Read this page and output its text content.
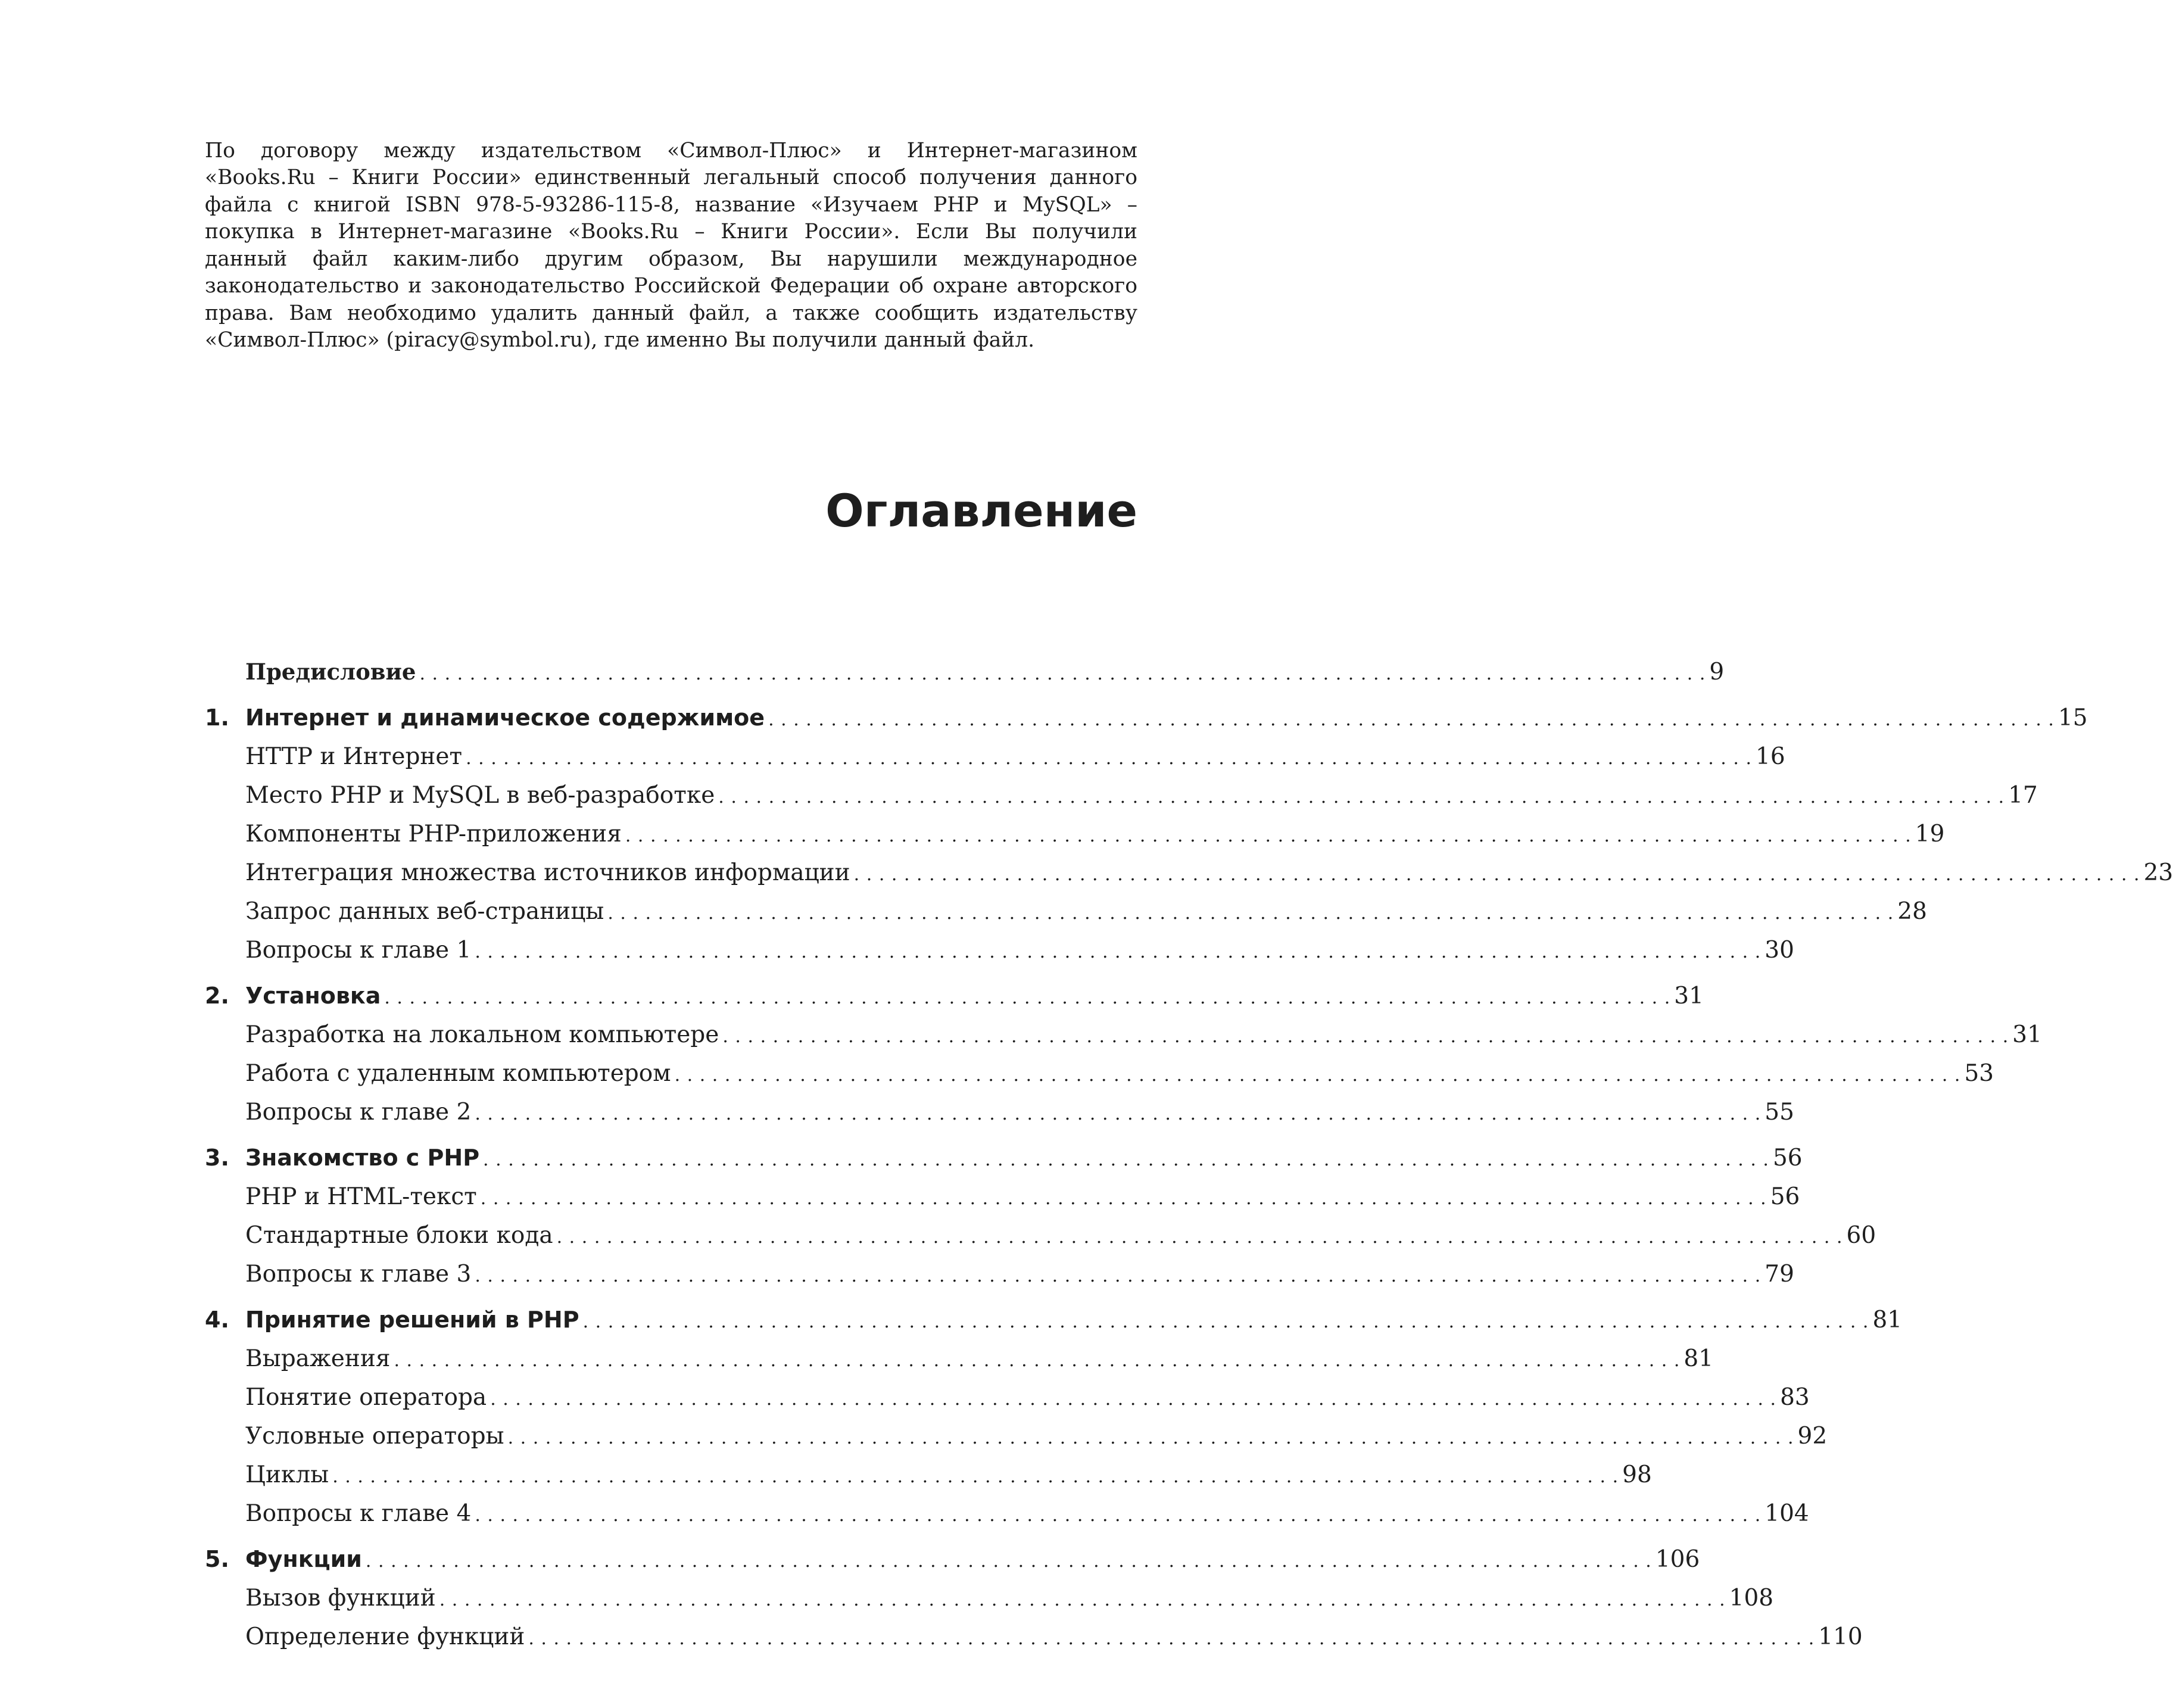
По договору между издательством «Символ-Плюс» и Интернет-магазином «Books.Ru – Книги России» единственный легальный способ получения данного файла с книгой ISBN 978-5-93286-115-8, название «Изучаем PHP и MySQL» – покупка в Интернет-магазине «Books.Ru – Книги России». Если Вы получили данный файл каким-либо другим образом, Вы нарушили международное законодательство и законодательство Российской Федерации об охране авторского права. Вам необходимо удалить данный файл, а также сообщить издательству «Символ-Плюс» (piracy@symbol.ru), где именно Вы получили данный файл.

Оглавление
Предисловие . . . . . . . . . . . . . . . . . . . . . . . . . . . . . . . . . . . . . . . . . . . . . . . . . . . . . . . . . . . . . . . . . . . . . . . . . . . . . . . . . . . . . . . . . . . . . . . . . . . . . . . 9
1. Интернет и динамическое содержимое . . . . . . . . . . . . . . . . . . . . . . . . . . . . . . . . . . . . . . . . . . . . . . . . . . . . . . . . . . . . . . . . . . . . . . . . . . . . . . . . . . . . . . . . . . . . . . . . . . . . . . . 15
HTTP и Интернет . . . . . . . . . . . . . . . . . . . . . . . . . . . . . . . . . . . . . . . . . . . . . . . . . . . . . . . . . . . . . . . . . . . . . . . . . . . . . . . . . . . . . . . . . . . . . . . . . . . . . . . 16
Место PHP и MySQL в веб-разработке . . . . . . . . . . . . . . . . . . . . . . . . . . . . . . . . . . . . . . . . . . . . . . . . . . . . . . . . . . . . . . . . . . . . . . . . . . . . . . . . . . . . . . . . . . . . . . . . . . . . . . . 17
Компоненты PHP-приложения . . . . . . . . . . . . . . . . . . . . . . . . . . . . . . . . . . . . . . . . . . . . . . . . . . . . . . . . . . . . . . . . . . . . . . . . . . . . . . . . . . . . . . . . . . . . . . . . . . . . . . . 19
Интеграция множества источников информации . . . . . . . . . . . . . . . . . . . . . . . . . . . . . . . . . . . . . . . . . . . . . . . . . . . . . . . . . . . . . . . . . . . . . . . . . . . . . . . . . . . . . . . . . . . . . . . . . . . . . . . 23
Запрос данных веб-страницы . . . . . . . . . . . . . . . . . . . . . . . . . . . . . . . . . . . . . . . . . . . . . . . . . . . . . . . . . . . . . . . . . . . . . . . . . . . . . . . . . . . . . . . . . . . . . . . . . . . . . . . 28
Вопросы к главе 1 . . . . . . . . . . . . . . . . . . . . . . . . . . . . . . . . . . . . . . . . . . . . . . . . . . . . . . . . . . . . . . . . . . . . . . . . . . . . . . . . . . . . . . . . . . . . . . . . . . . . . . . 30
2. Установка . . . . . . . . . . . . . . . . . . . . . . . . . . . . . . . . . . . . . . . . . . . . . . . . . . . . . . . . . . . . . . . . . . . . . . . . . . . . . . . . . . . . . . . . . . . . . . . . . . . . . . . 31
Разработка на локальном компьютере . . . . . . . . . . . . . . . . . . . . . . . . . . . . . . . . . . . . . . . . . . . . . . . . . . . . . . . . . . . . . . . . . . . . . . . . . . . . . . . . . . . . . . . . . . . . . . . . . . . . . . . 31
Работа с удаленным компьютером . . . . . . . . . . . . . . . . . . . . . . . . . . . . . . . . . . . . . . . . . . . . . . . . . . . . . . . . . . . . . . . . . . . . . . . . . . . . . . . . . . . . . . . . . . . . . . . . . . . . . . . 53
Вопросы к главе 2 . . . . . . . . . . . . . . . . . . . . . . . . . . . . . . . . . . . . . . . . . . . . . . . . . . . . . . . . . . . . . . . . . . . . . . . . . . . . . . . . . . . . . . . . . . . . . . . . . . . . . . . 55
3. Знакомство с PHP . . . . . . . . . . . . . . . . . . . . . . . . . . . . . . . . . . . . . . . . . . . . . . . . . . . . . . . . . . . . . . . . . . . . . . . . . . . . . . . . . . . . . . . . . . . . . . . . . . . . . . . 56
PHP и HTML-текст . . . . . . . . . . . . . . . . . . . . . . . . . . . . . . . . . . . . . . . . . . . . . . . . . . . . . . . . . . . . . . . . . . . . . . . . . . . . . . . . . . . . . . . . . . . . . . . . . . . . . . . 56
Стандартные блоки кода . . . . . . . . . . . . . . . . . . . . . . . . . . . . . . . . . . . . . . . . . . . . . . . . . . . . . . . . . . . . . . . . . . . . . . . . . . . . . . . . . . . . . . . . . . . . . . . . . . . . . . . 60
Вопросы к главе 3 . . . . . . . . . . . . . . . . . . . . . . . . . . . . . . . . . . . . . . . . . . . . . . . . . . . . . . . . . . . . . . . . . . . . . . . . . . . . . . . . . . . . . . . . . . . . . . . . . . . . . . . 79
4. Принятие решений в PHP . . . . . . . . . . . . . . . . . . . . . . . . . . . . . . . . . . . . . . . . . . . . . . . . . . . . . . . . . . . . . . . . . . . . . . . . . . . . . . . . . . . . . . . . . . . . . . . . . . . . . . . 81
Выражения . . . . . . . . . . . . . . . . . . . . . . . . . . . . . . . . . . . . . . . . . . . . . . . . . . . . . . . . . . . . . . . . . . . . . . . . . . . . . . . . . . . . . . . . . . . . . . . . . . . . . . . 81
Понятие оператора . . . . . . . . . . . . . . . . . . . . . . . . . . . . . . . . . . . . . . . . . . . . . . . . . . . . . . . . . . . . . . . . . . . . . . . . . . . . . . . . . . . . . . . . . . . . . . . . . . . . . . . 83
Условные операторы . . . . . . . . . . . . . . . . . . . . . . . . . . . . . . . . . . . . . . . . . . . . . . . . . . . . . . . . . . . . . . . . . . . . . . . . . . . . . . . . . . . . . . . . . . . . . . . . . . . . . . . 92
Циклы . . . . . . . . . . . . . . . . . . . . . . . . . . . . . . . . . . . . . . . . . . . . . . . . . . . . . . . . . . . . . . . . . . . . . . . . . . . . . . . . . . . . . . . . . . . . . . . . . . . . . . . 98
Вопросы к главе 4 . . . . . . . . . . . . . . . . . . . . . . . . . . . . . . . . . . . . . . . . . . . . . . . . . . . . . . . . . . . . . . . . . . . . . . . . . . . . . . . . . . . . . . . . . . . . . . . . . . . . . . . 104
5. Функции . . . . . . . . . . . . . . . . . . . . . . . . . . . . . . . . . . . . . . . . . . . . . . . . . . . . . . . . . . . . . . . . . . . . . . . . . . . . . . . . . . . . . . . . . . . . . . . . . . . . . . . 106
Вызов функций . . . . . . . . . . . . . . . . . . . . . . . . . . . . . . . . . . . . . . . . . . . . . . . . . . . . . . . . . . . . . . . . . . . . . . . . . . . . . . . . . . . . . . . . . . . . . . . . . . . . . . . 108
Определение функций . . . . . . . . . . . . . . . . . . . . . . . . . . . . . . . . . . . . . . . . . . . . . . . . . . . . . . . . . . . . . . . . . . . . . . . . . . . . . . . . . . . . . . . . . . . . . . . . . . . . . . . 110
